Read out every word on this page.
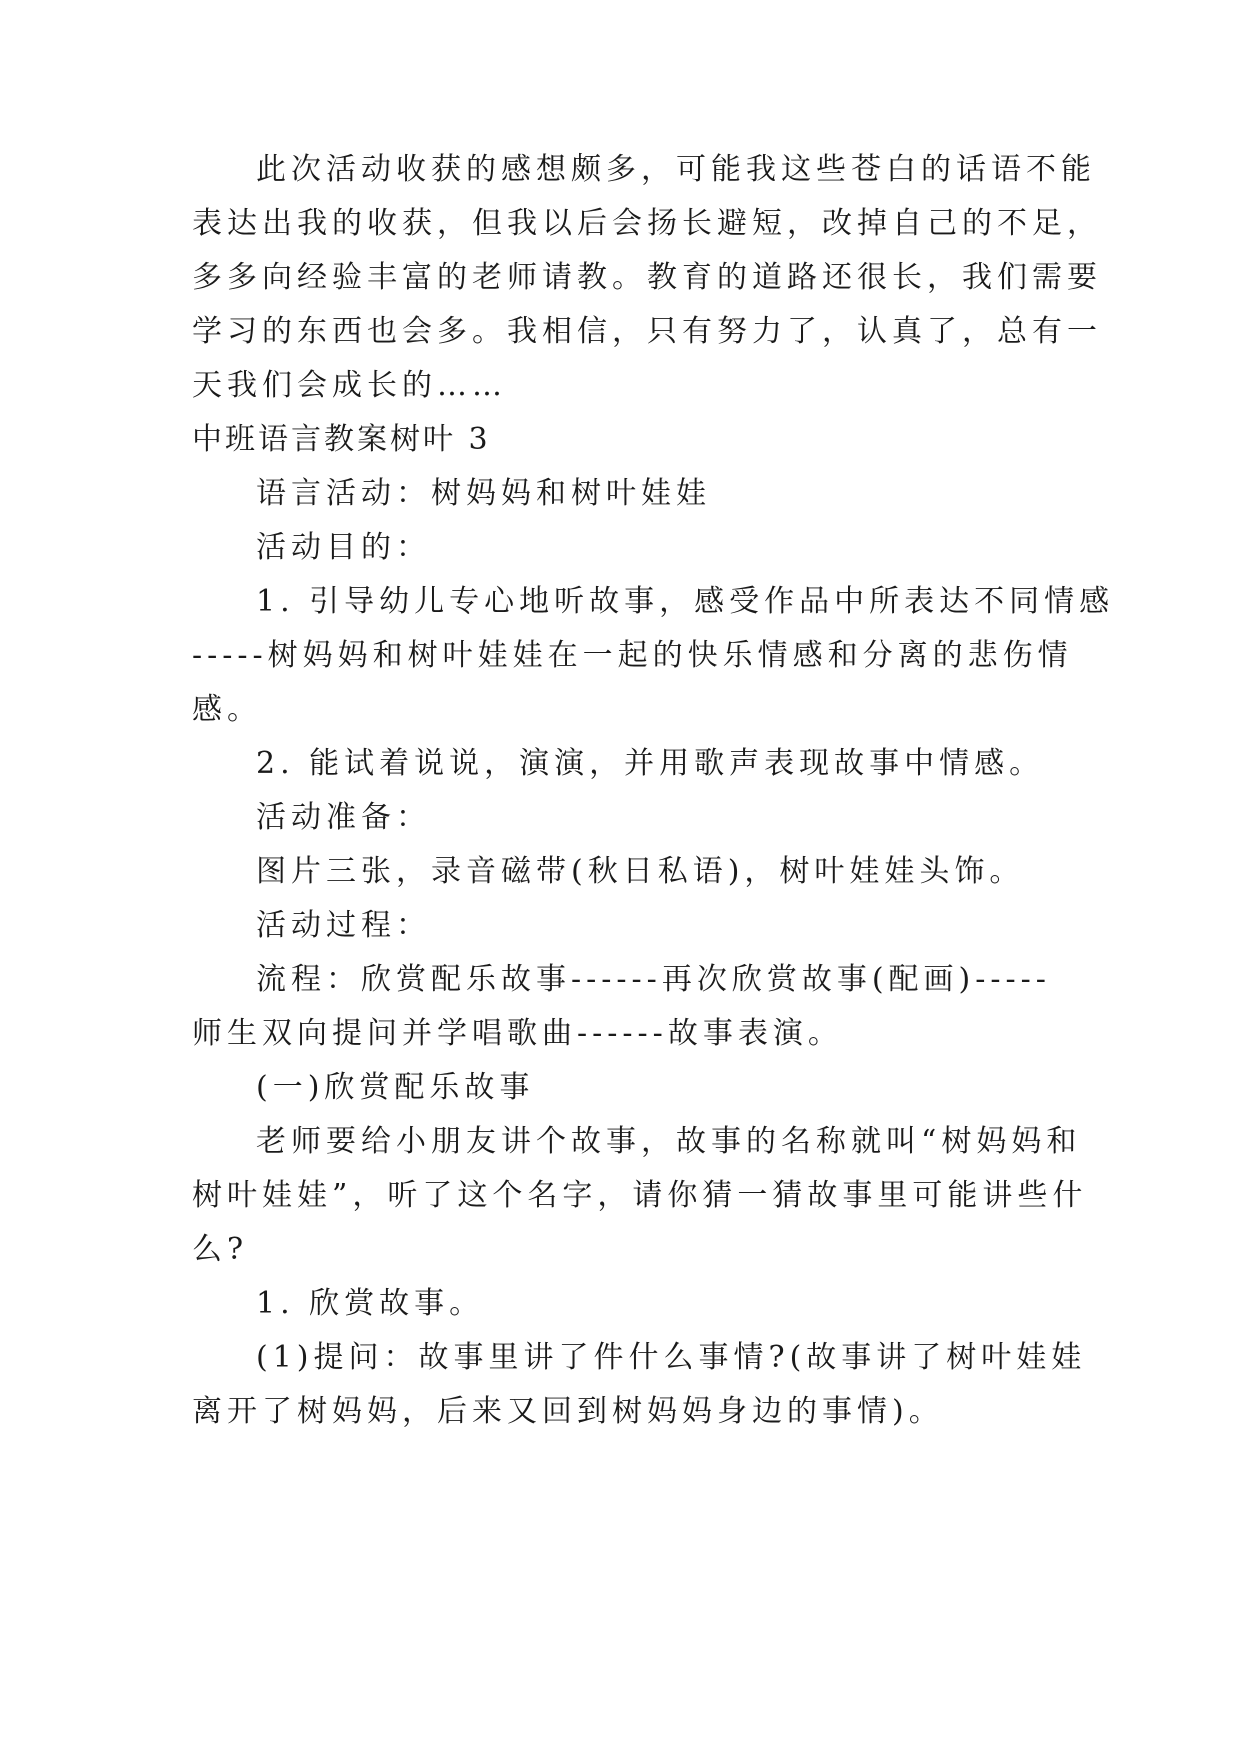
此次活动收获的感想颇多，可能我这些苍白的话语不能
表达出我的收获，但我以后会扬长避短，改掉自己的不足，
多多向经验丰富的老师请教。教育的道路还很长，我们需要
学习的东西也会多。我相信，只有努力了，认真了，总有一
天我们会成长的……
中班语言教案树叶 3
语言活动：树妈妈和树叶娃娃
活动目的：
1. 引导幼儿专心地听故事，感受作品中所表达不同情感
-----树妈妈和树叶娃娃在一起的快乐情感和分离的悲伤情
感。
2. 能试着说说，演演，并用歌声表现故事中情感。
活动准备：
图片三张，录音磁带(秋日私语)，树叶娃娃头饰。
活动过程：
流程：欣赏配乐故事------再次欣赏故事(配画)-----
师生双向提问并学唱歌曲------故事表演。
(一)欣赏配乐故事
老师要给小朋友讲个故事，故事的名称就叫“树妈妈和
树叶娃娃”，听了这个名字，请你猜一猜故事里可能讲些什
么?
1. 欣赏故事。
(1)提问：故事里讲了件什么事情?(故事讲了树叶娃娃
离开了树妈妈，后来又回到树妈妈身边的事情)。
